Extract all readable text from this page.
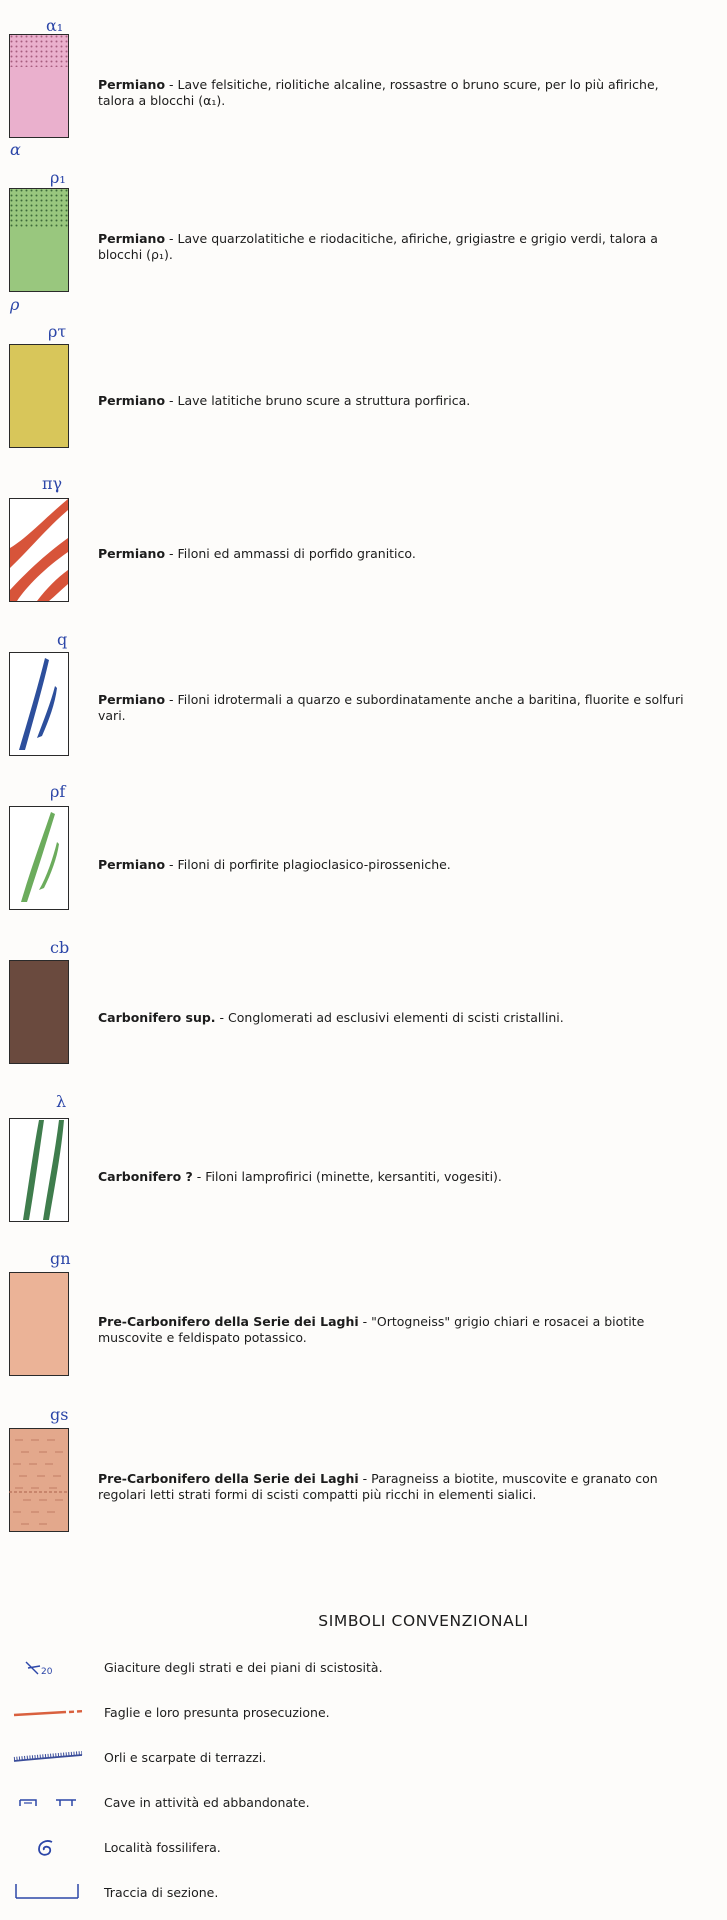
α₁
α
Permiano - Lave felsitiche, riolitiche alcaline, rossastre o bruno scure, per lo più afiriche, talora a blocchi (α₁).
ρ₁
ρ
Permiano - Lave quarzolatitiche e riodacitiche, afiriche, grigiastre e grigio verdi, talora a blocchi (ρ₁).
ρτ
Permiano - Lave latitiche bruno scure a struttura porfirica.
πγ
Permiano - Filoni ed ammassi di porfido granitico.
q
Permiano - Filoni idrotermali a quarzo e subordinatamente anche a baritina, fluorite e solfuri vari.
ρf
Permiano - Filoni di porfirite plagioclasico-pirosseniche.
cb
Carbonifero sup. - Conglomerati ad esclusivi elementi di scisti cristallini.
λ
Carbonifero ? - Filoni lamprofirici (minette, kersantiti, vogesiti).
gn
Pre-Carbonifero della Serie dei Laghi - "Ortogneiss" grigio chiari e rosacei a biotite muscovite e feldispato potassico.
gs
Pre-Carbonifero della Serie dei Laghi - Paragneiss a biotite, muscovite e granato con regolari letti strati formi di scisti compatti più ricchi in elementi sialici.
SIMBOLI CONVENZIONALI
20	Giaciture degli strati e dei piani di scistosità.
Faglie e loro presunta prosecuzione.
Orli e scarpate di terrazzi.
Cave in attività ed abbandonate.
Località fossilifera.
Traccia di sezione.
